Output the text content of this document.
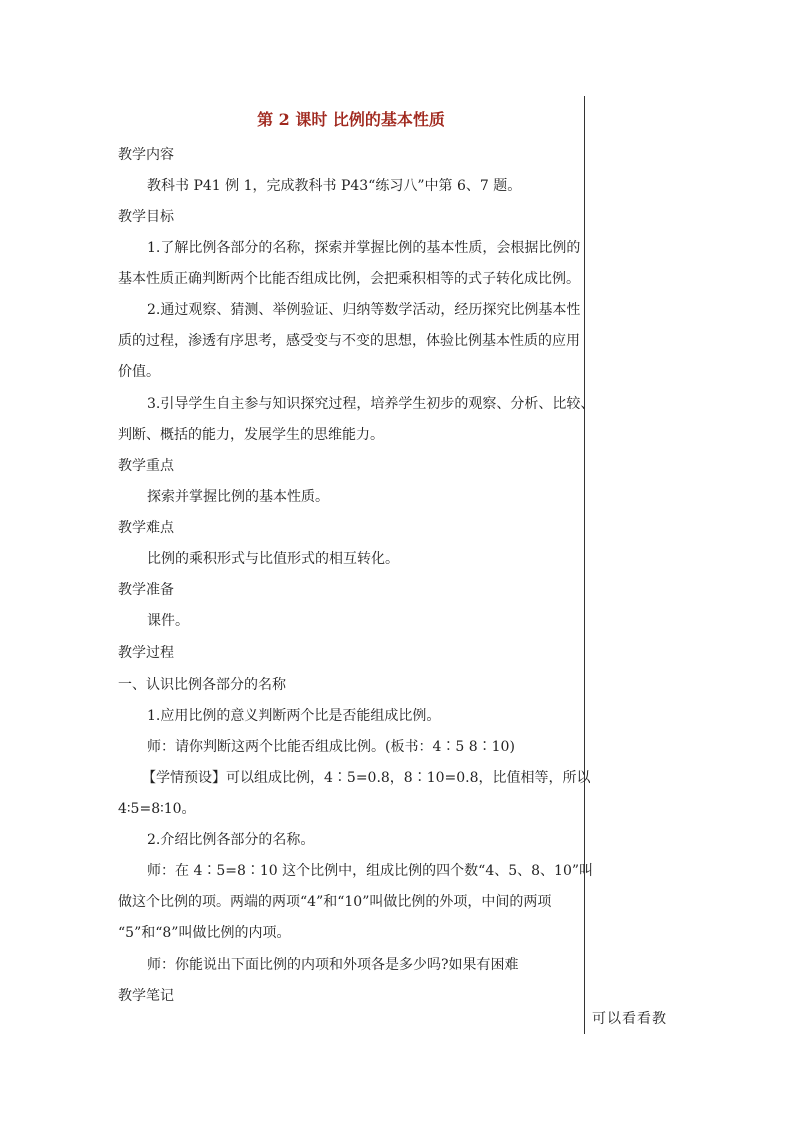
第 2 课时 比例的基本性质
教学内容
教科书 P41 例 1，完成教科书 P43“练习八”中第 6、7 题。
教学目标
1.了解比例各部分的名称，探索并掌握比例的基本性质，会根据比例的
基本性质正确判断两个比能否组成比例，会把乘积相等的式子转化成比例。
2.通过观察、猜测、举例验证、归纳等数学活动，经历探究比例基本性
质的过程，渗透有序思考，感受变与不变的思想，体验比例基本性质的应用
价值。
3.引导学生自主参与知识探究过程，培养学生初步的观察、分析、比较、
判断、概括的能力，发展学生的思维能力。
教学重点
探索并掌握比例的基本性质。
教学难点
比例的乘积形式与比值形式的相互转化。
教学准备
课件。
教学过程
一、认识比例各部分的名称
1.应用比例的意义判断两个比是否能组成比例。
师：请你判断这两个比能否组成比例。(板书：4∶5 8∶10)
【学情预设】可以组成比例，4∶5=0.8，8∶10=0.8，比值相等，所以
4∶5=8∶10。
2.介绍比例各部分的名称。
师：在 4∶5=8∶10 这个比例中，组成比例的四个数“4、5、8、10”叫
做这个比例的项。两端的两项“4”和“10”叫做比例的外项，中间的两项
“5”和“8”叫做比例的内项。
师：你能说出下面比例的内项和外项各是多少吗?如果有困难
教学笔记
可以看看教
